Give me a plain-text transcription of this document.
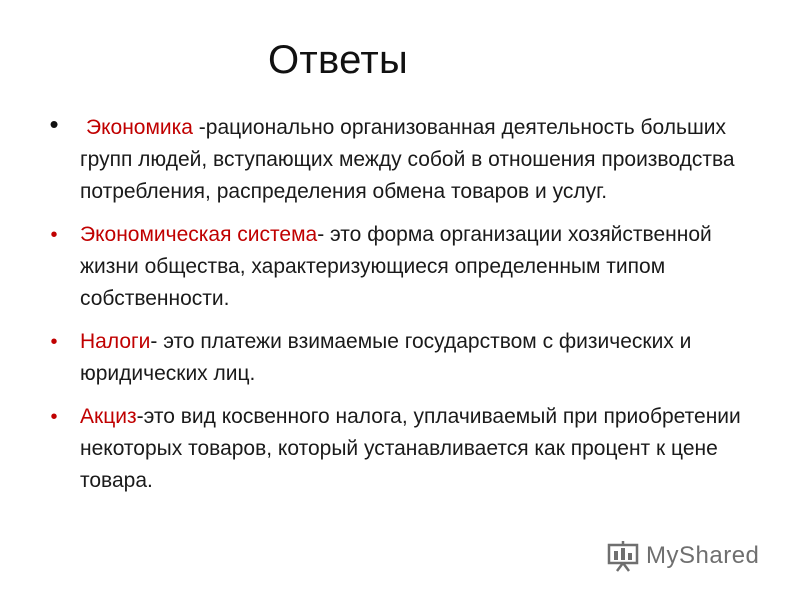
Ответы
• Экономика -рационально организованная деятельность больших групп людей, вступающих между собой в отношения производства потребления, распределения обмена товаров и услуг.
•	Экономическая система- это форма организации хозяйственной жизни общества, характеризующиеся определенным типом собственности.
•	Налоги- это платежи взимаемые государством с физических и юридических лиц.
•	Акциз-это вид косвенного налога, уплачиваемый при приобретении некоторых товаров, который устанавливается как процент к цене товара.
MyShared
